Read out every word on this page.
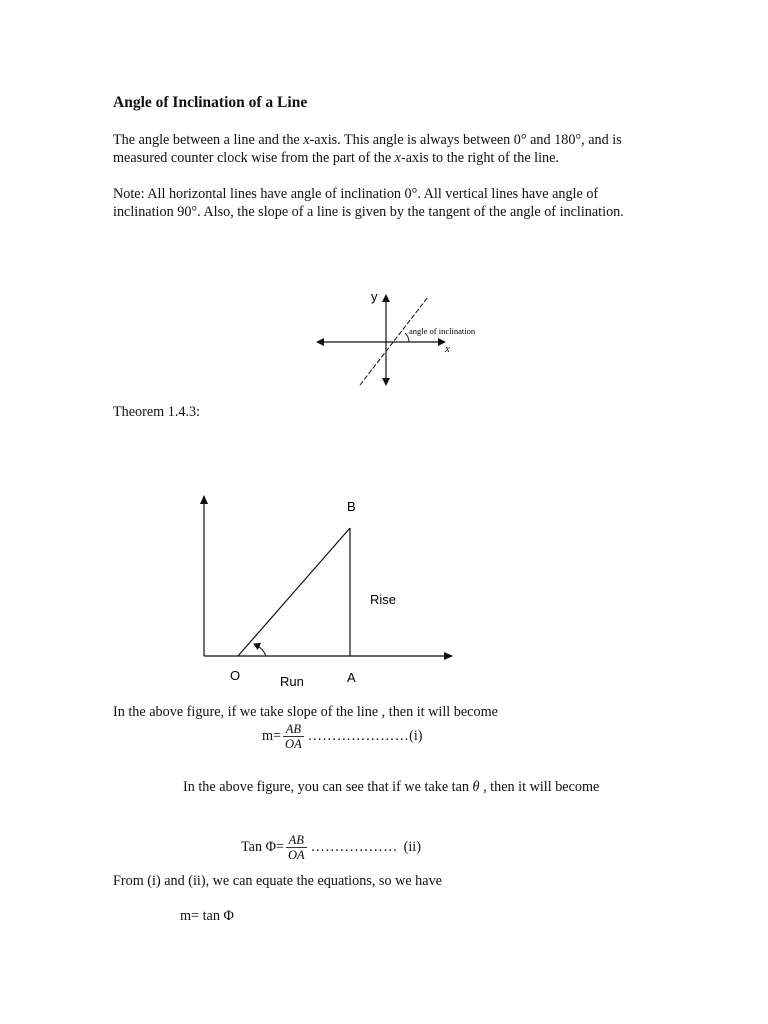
Angle of Inclination of a Line
The angle between a line and the x-axis. This angle is always between 0° and 180°, and is measured counter clock wise from the part of the x-axis to the right of the line.
Note: All horizontal lines have angle of inclination 0°. All vertical lines have angle of inclination 90°. Also, the slope of a line is given by the tangent of the angle of inclination.
y
x
angle of inclination
Theorem 1.4.3:
B
Rise
O	Run	A
In the above figure, if we take slope of the line , then it will become
$m= \frac{AB}{OA}$ ………………… (i)
In the above figure, you can see that if we take tan θ , then it will become
Tan $\Phi= \frac{AB}{OA}$ ……………… (ii)
From (i) and (ii), we can equate the equations, so we have
m= tan Φ
